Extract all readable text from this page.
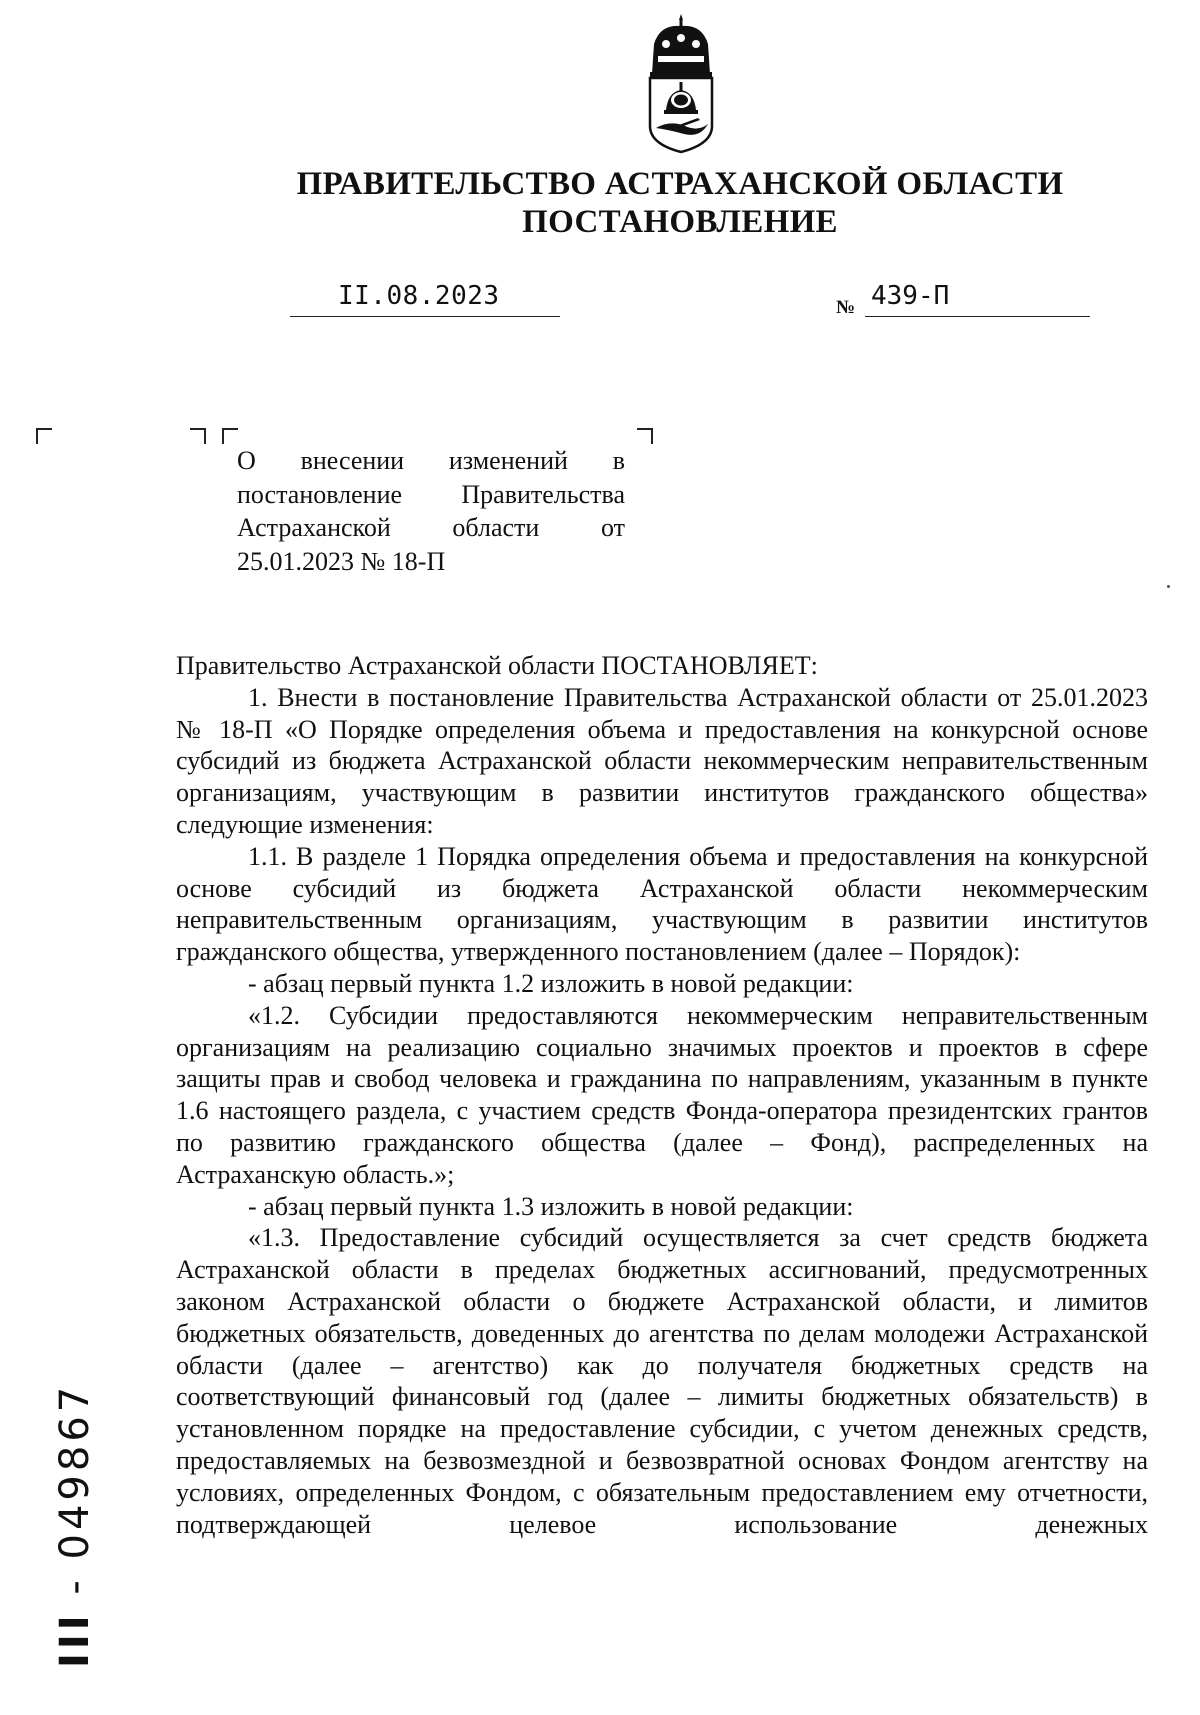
ПРАВИТЕЛЬСТВО АСТРАХАНСКОЙ ОБЛАСТИ
ПОСТАНОВЛЕНИЕ
II.08.2023	№ 439-П

О внесении изменений в постановление Правительства Астраханской области от 25.01.2023 № 18-П

Правительство Астраханской области ПОСТАНОВЛЯЕТ:

1. Внести в постановление Правительства Астраханской области от 25.01.2023 № 18-П «О Порядке определения объема и предоставления на конкурсной основе субсидий из бюджета Астраханской области некоммерческим неправительственным организациям, участвующим в развитии институтов гражданского общества» следующие изменения:

1.1. В разделе 1 Порядка определения объема и предоставления на конкурсной основе субсидий из бюджета Астраханской области некоммерческим неправительственным организациям, участвующим в развитии институтов гражданского общества, утвержденного постановлением (далее – Порядок):

- абзац первый пункта 1.2 изложить в новой редакции:

«1.2. Субсидии предоставляются некоммерческим неправительственным организациям на реализацию социально значимых проектов и проектов в сфере защиты прав и свобод человека и гражданина по направлениям, указанным в пункте 1.6 настоящего раздела, с участием средств Фонда-оператора президентских грантов по развитию гражданского общества (далее – Фонд), распределенных на Астраханскую область.»;

- абзац первый пункта 1.3 изложить в новой редакции:

«1.3. Предоставление субсидий осуществляется за счет средств бюджета Астраханской области в пределах бюджетных ассигнований, предусмотренных законом Астраханской области о бюджете Астраханской области, и лимитов бюджетных обязательств, доведенных до агентства по делам молодежи Астраханской области (далее – агентство) как до получателя бюджетных средств на соответствующий финансовый год (далее – лимиты бюджетных обязательств) в установленном порядке на предоставление субсидии, с учетом денежных средств, предоставляемых на безвозмездной и безвозвратной основах Фондом агентству на условиях, определенных Фондом, с обязательным предоставлением ему отчетности, подтверждающей целевое использование денежных

III - 049867
